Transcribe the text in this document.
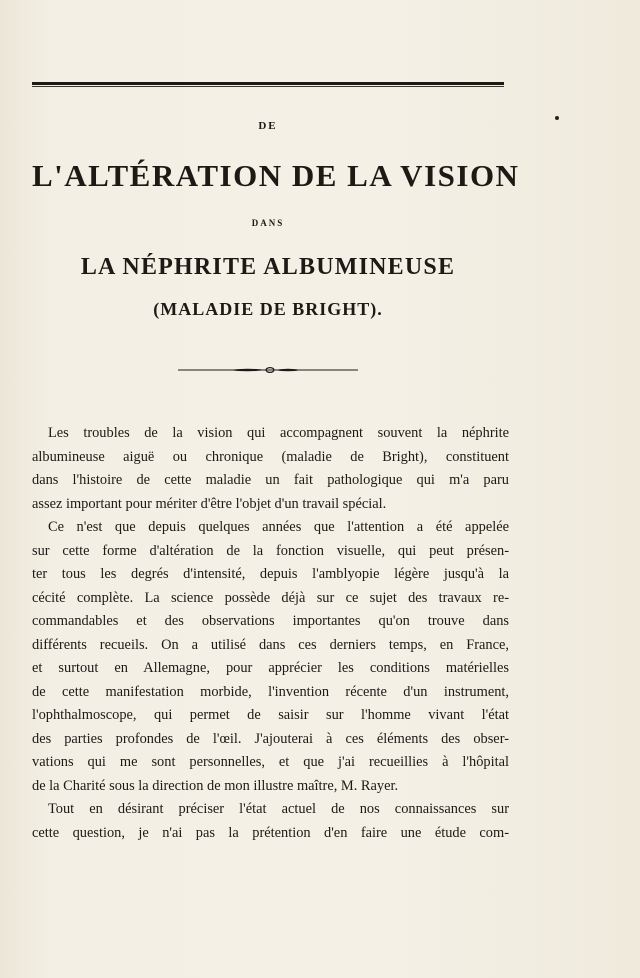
DE
L'ALTÉRATION DE LA VISION
DANS
LA NÉPHRITE ALBUMINEUSE
(MALADIE DE BRIGHT).
Les troubles de la vision qui accompagnent souvent la néphrite
albumineuse aiguë ou chronique (maladie de Bright), constituent
dans l'histoire de cette maladie un fait pathologique qui m'a paru
assez important pour mériter d'être l'objet d'un travail spécial.
Ce n'est que depuis quelques années que l'attention a été appelée
sur cette forme d'altération de la fonction visuelle, qui peut présen-
ter tous les degrés d'intensité, depuis l'amblyopie légère jusqu'à la
cécité complète. La science possède déjà sur ce sujet des travaux re-
commandables et des observations importantes qu'on trouve dans
différents recueils. On a utilisé dans ces derniers temps, en France,
et surtout en Allemagne, pour apprécier les conditions matérielles
de cette manifestation morbide, l'invention récente d'un instrument,
l'ophthalmoscope, qui permet de saisir sur l'homme vivant l'état
des parties profondes de l'œil. J'ajouterai à ces éléments des obser-
vations qui me sont personnelles, et que j'ai recueillies à l'hôpital
de la Charité sous la direction de mon illustre maître, M. Rayer.
Tout en désirant préciser l'état actuel de nos connaissances sur
cette question, je n'ai pas la prétention d'en faire une étude com-
